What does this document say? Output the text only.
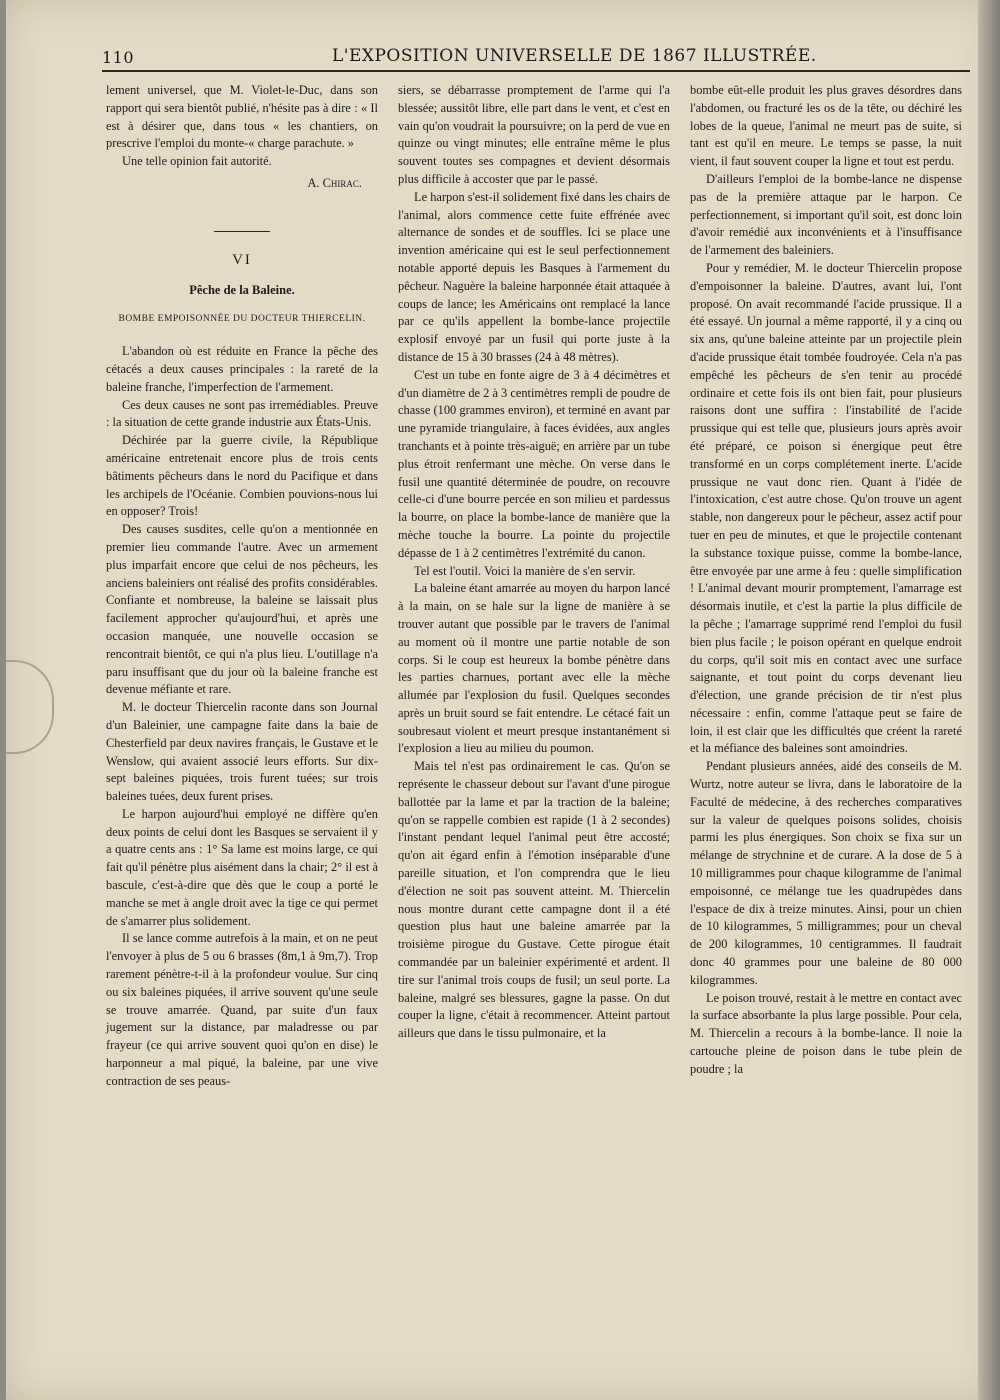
110	L'EXPOSITION UNIVERSELLE DE 1867 ILLUSTRÉE.

lement universel, que M. Violet-le-Duc, dans son rapport qui sera bientôt publié, n'hésite pas à dire : « Il est à désirer que, dans tous « les chantiers, on prescrive l'emploi du monte-« charge parachute. »

Une telle opinion fait autorité.

A. Chirac.
VI
Pêche de la Baleine.
BOMBE EMPOISONNÉE DU DOCTEUR THIERCELIN.

L'abandon où est réduite en France la pêche des cétacés a deux causes principales : la rareté de la baleine franche, l'imperfection de l'armement.

Ces deux causes ne sont pas irremédiables. Preuve : la situation de cette grande industrie aux États-Unis.

Déchirée par la guerre civile, la République américaine entretenait encore plus de trois cents bâtiments pêcheurs dans le nord du Pacifique et dans les archipels de l'Océanie. Combien pouvions-nous lui en opposer? Trois!

Des causes susdites, celle qu'on a mentionnée en premier lieu commande l'autre. Avec un armement plus imparfait encore que celui de nos pêcheurs, les anciens baleiniers ont réalisé des profits considérables. Confiante et nombreuse, la baleine se laissait plus facilement approcher qu'aujourd'hui, et après une occasion manquée, une nouvelle occasion se rencontrait bientôt, ce qui n'a plus lieu. L'outillage n'a paru insuffisant que du jour où la baleine franche est devenue méfiante et rare.

M. le docteur Thiercelin raconte dans son Journal d'un Baleinier, une campagne faite dans la baie de Chesterfield par deux navires français, le Gustave et le Wenslow, qui avaient associé leurs efforts. Sur dix-sept baleines piquées, trois furent tuées; sur trois baleines tuées, deux furent prises.

Le harpon aujourd'hui employé ne diffère qu'en deux points de celui dont les Basques se servaient il y a quatre cents ans : 1° Sa lame est moins large, ce qui fait qu'il pénètre plus aisément dans la chair; 2° il est à bascule, c'est-à-dire que dès que le coup a porté le manche se met à angle droit avec la tige ce qui permet de s'amarrer plus solidement.

Il se lance comme autrefois à la main, et on ne peut l'envoyer à plus de 5 ou 6 brasses (8m,1 à 9m,7). Trop rarement pénètre-t-il à la profondeur voulue. Sur cinq ou six baleines piquées, il arrive souvent qu'une seule se trouve amarrée. Quand, par suite d'un faux jugement sur la distance, par maladresse ou par frayeur (ce qui arrive souvent quoi qu'on en dise) le harponneur a mal piqué, la baleine, par une vive contraction de ses peaus-

siers, se débarrasse promptement de l'arme qui l'a blessée; aussitôt libre, elle part dans le vent, et c'est en vain qu'on voudrait la poursuivre; on la perd de vue en quinze ou vingt minutes; elle entraîne même le plus souvent toutes ses compagnes et devient désormais plus difficile à accoster que par le passé.

Le harpon s'est-il solidement fixé dans les chairs de l'animal, alors commence cette fuite effrénée avec alternance de sondes et de souffles. Ici se place une invention américaine qui est le seul perfectionnement notable apporté depuis les Basques à l'armement du pêcheur. Naguère la baleine harponnée était attaquée à coups de lance; les Américains ont remplacé la lance par ce qu'ils appellent la bombe-lance projectile explosif envoyé par un fusil qui porte juste à la distance de 15 à 30 brasses (24 à 48 mètres).

C'est un tube en fonte aigre de 3 à 4 décimètres et d'un diamètre de 2 à 3 centimètres rempli de poudre de chasse (100 grammes environ), et terminé en avant par une pyramide triangulaire, à faces évidées, aux angles tranchants et à pointe très-aiguë; en arrière par un tube plus étroit renfermant une mèche. On verse dans le fusil une quantité déterminée de poudre, on recouvre celle-ci d'une bourre percée en son milieu et pardessus la bourre, on place la bombe-lance de manière que la mèche touche la bourre. La pointe du projectile dépasse de 1 à 2 centimètres l'extrémité du canon.

Tel est l'outil. Voici la manière de s'en servir.

La baleine étant amarrée au moyen du harpon lancé à la main, on se hale sur la ligne de manière à se trouver autant que possible par le travers de l'animal au moment où il montre une partie notable de son corps. Si le coup est heureux la bombe pénètre dans les parties charnues, portant avec elle la mèche allumée par l'explosion du fusil. Quelques secondes après un bruit sourd se fait entendre. Le cétacé fait un soubresaut violent et meurt presque instantanément si l'explosion a lieu au milieu du poumon.

Mais tel n'est pas ordinairement le cas. Qu'on se représente le chasseur debout sur l'avant d'une pirogue ballottée par la lame et par la traction de la baleine; qu'on se rappelle combien est rapide (1 à 2 secondes) l'instant pendant lequel l'animal peut être accosté; qu'on ait égard enfin à l'émotion inséparable d'une pareille situation, et l'on comprendra que le lieu d'élection ne soit pas souvent atteint. M. Thiercelin nous montre durant cette campagne dont il a été question plus haut une baleine amarrée par la troisième pirogue du Gustave. Cette pirogue était commandée par un baleinier expérimenté et ardent. Il tire sur l'animal trois coups de fusil; un seul porte. La baleine, malgré ses blessures, gagne la passe. On dut couper la ligne, c'était à recommencer. Atteint partout ailleurs que dans le tissu pulmonaire, et la

bombe eût-elle produit les plus graves désordres dans l'abdomen, ou fracturé les os de la tête, ou déchiré les lobes de la queue, l'animal ne meurt pas de suite, si tant est qu'il en meure. Le temps se passe, la nuit vient, il faut souvent couper la ligne et tout est perdu.

D'ailleurs l'emploi de la bombe-lance ne dispense pas de la première attaque par le harpon. Ce perfectionnement, si important qu'il soit, est donc loin d'avoir remédié aux inconvénients et à l'insuffisance de l'armement des baleiniers.

Pour y remédier, M. le docteur Thiercelin propose d'empoisonner la baleine. D'autres, avant lui, l'ont proposé. On avait recommandé l'acide prussique. Il a été essayé. Un journal a même rapporté, il y a cinq ou six ans, qu'une baleine atteinte par un projectile plein d'acide prussique était tombée foudroyée. Cela n'a pas empêché les pêcheurs de s'en tenir au procédé ordinaire et cette fois ils ont bien fait, pour plusieurs raisons dont une suffira : l'instabilité de l'acide prussique qui est telle que, plusieurs jours après avoir été préparé, ce poison si énergique peut être transformé en un corps complétement inerte. L'acide prussique ne vaut donc rien. Quant à l'idée de l'intoxication, c'est autre chose. Qu'on trouve un agent stable, non dangereux pour le pêcheur, assez actif pour tuer en peu de minutes, et que le projectile contenant la substance toxique puisse, comme la bombe-lance, être envoyée par une arme à feu : quelle simplification ! L'animal devant mourir promptement, l'amarrage est désormais inutile, et c'est la partie la plus difficile de la pêche ; l'amarrage supprimé rend l'emploi du fusil bien plus facile ; le poison opérant en quelque endroit du corps, qu'il soit mis en contact avec une surface saignante, et tout point du corps devenant lieu d'élection, une grande précision de tir n'est plus nécessaire : enfin, comme l'attaque peut se faire de loin, il est clair que les difficultés que créent la rareté et la méfiance des baleines sont amoindries.

Pendant plusieurs années, aidé des conseils de M. Wurtz, notre auteur se livra, dans le laboratoire de la Faculté de médecine, à des recherches comparatives sur la valeur de quelques poisons solides, choisis parmi les plus énergiques. Son choix se fixa sur un mélange de strychnine et de curare. A la dose de 5 à 10 milligrammes pour chaque kilogramme de l'animal empoisonné, ce mélange tue les quadrupèdes dans l'espace de dix à treize minutes. Ainsi, pour un chien de 10 kilogrammes, 5 milligrammes; pour un cheval de 200 kilogrammes, 10 centigrammes. Il faudrait donc 40 grammes pour une baleine de 80 000 kilogrammes.

Le poison trouvé, restait à le mettre en contact avec la surface absorbante la plus large possible. Pour cela, M. Thiercelin a recours à la bombe-lance. Il noie la cartouche pleine de poison dans le tube plein de poudre ; la
